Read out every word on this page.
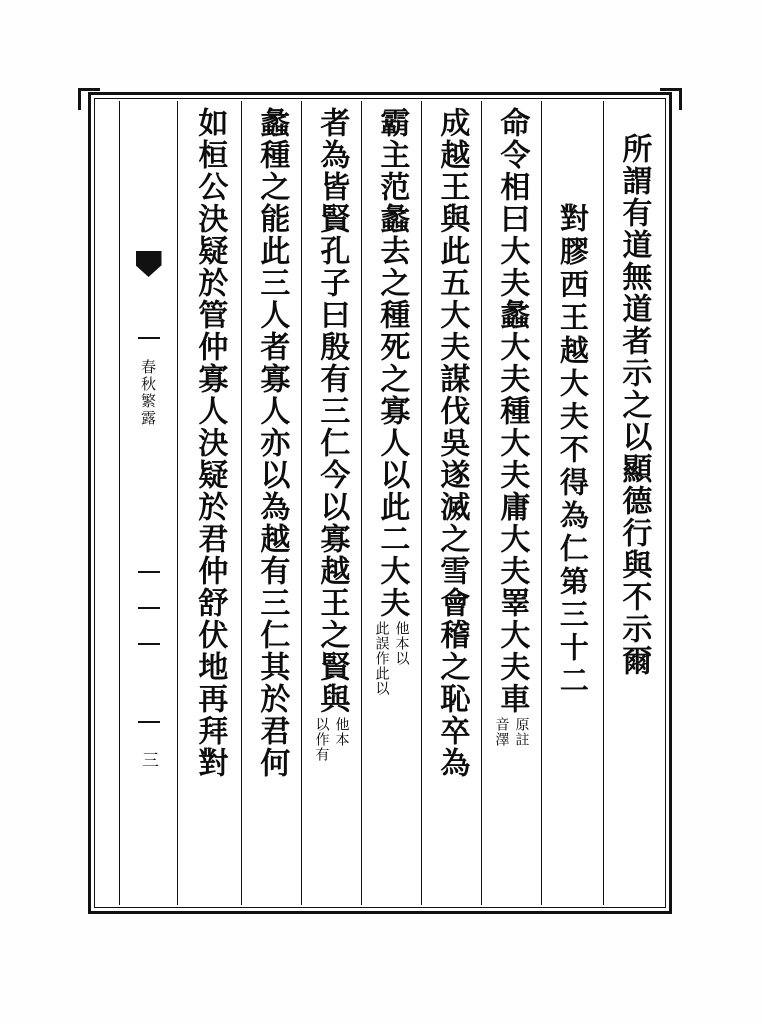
所謂有道無道者示之以顯德行與不示爾
對膠西王越大夫不得為仁第三十二
命令相曰大夫蠡大夫種大夫庸大夫睪大夫車
原註
音澤
成越王與此五大夫謀伐吳遂滅之雪會稽之恥卒為
霸主范蠡去之種死之寡人以此二大夫
他本以
此誤作此以
者為皆賢孔子曰殷有三仁今以寡越王之賢與
他本
以作有
蠡種之能此三人者寡人亦以為越有三仁其於君何
如桓公決疑於管仲寡人決疑於君仲舒伏地再拜對
春秋繁露
三
